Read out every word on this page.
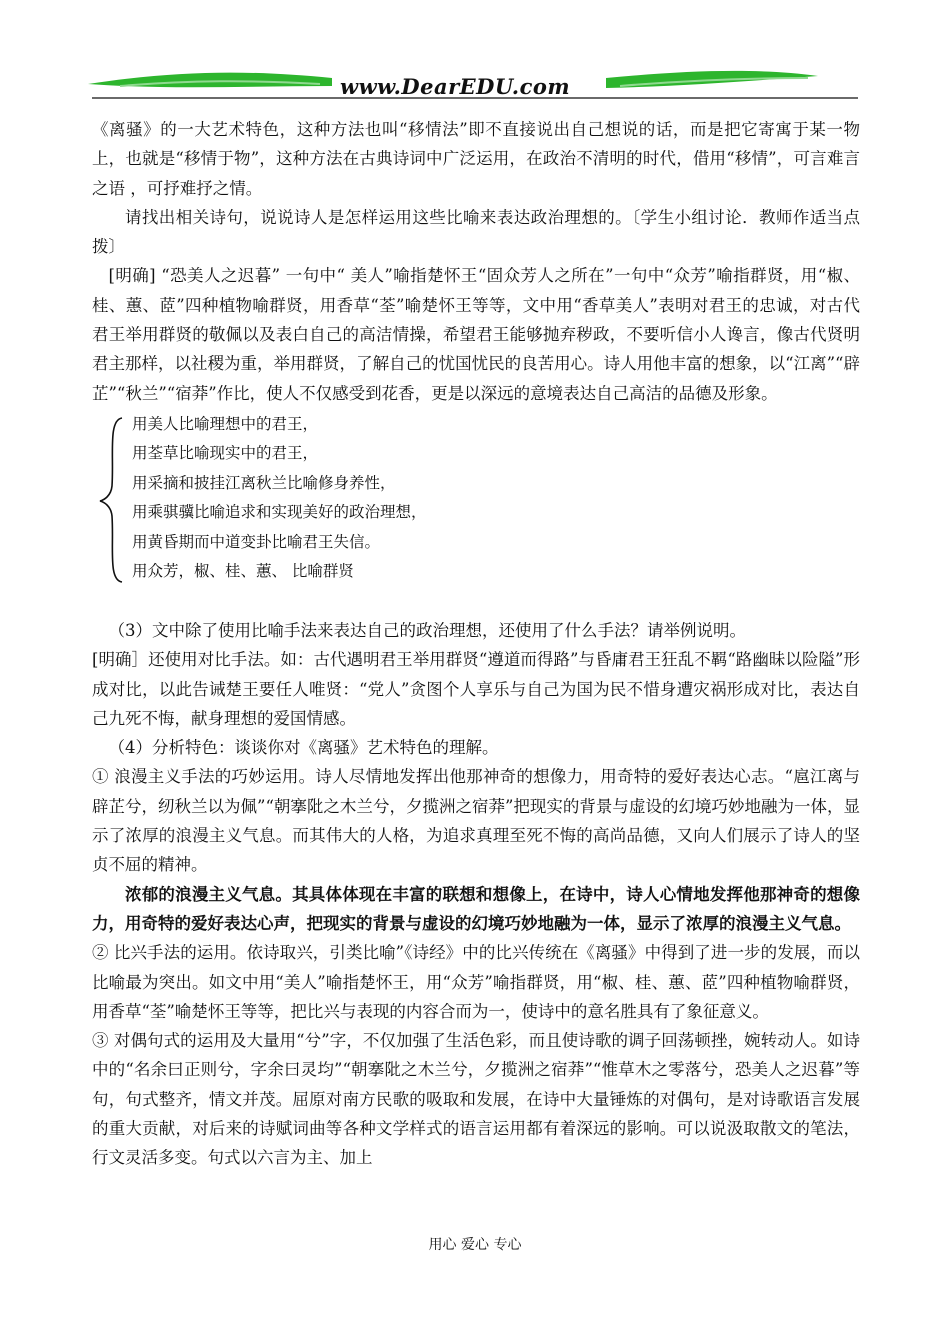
www.DearEDU.com

《离骚》的一大艺术特色，这种方法也叫“移情法”即不直接说出自己想说的话，而是把它寄寓于某一物上，也就是“移情于物”，这种方法在古典诗词中广泛运用，在政治不清明的时代，借用“移情”，可言难言之语 ，可抒难抒之情。

请找出相关诗句，说说诗人是怎样运用这些比喻来表达政治理想的。〔学生小组讨论．教师作适当点拨〕

[明确] “恐美人之迟暮” 一句中“ 美人”喻指楚怀王“固众芳人之所在”一句中“众芳”喻指群贤，用“椒、桂、蕙、茝”四种植物喻群贤，用香草“荃”喻楚怀王等等，文中用“香草美人”表明对君王的忠诚，对古代君王举用群贤的敬佩以及表白自己的高洁情操，希望君王能够抛弃秽政，不要听信小人谗言，像古代贤明君主那样，以社稷为重，举用群贤，了解自己的忧国忧民的良苦用心。诗人用他丰富的想象，以“江离”“辟芷”“秋兰”“宿莽”作比，使人不仅感受到花香，更是以深远的意境表达自己高洁的品德及形象。

用美人比喻理想中的君王，
用荃草比喻现实中的君王，
用采摘和披挂江离秋兰比喻修身养性，
用乘骐骥比喻追求和实现美好的政治理想，
用黄昏期而中道变卦比喻君王失信。
用众芳，椒、桂、蕙、 比喻群贤

（3）文中除了使用比喻手法来表达自己的政治理想，还使用了什么手法？请举例说明。

[明确］还使用对比手法。如：古代遇明君王举用群贤“遵道而得路”与昏庸君王狂乱不羁“路幽昧以险隘”形成对比，以此告诫楚王要任人唯贤：“党人”贪图个人享乐与自己为国为民不惜身遭灾祸形成对比，表达自己九死不悔，献身理想的爱国情感。

（4）分析特色：谈谈你对《离骚》艺术特色的理解。

① 浪漫主义手法的巧妙运用。诗人尽情地发挥出他那神奇的想像力，用奇特的爱好表达心志。“扈江离与辟芷兮，纫秋兰以为佩”“朝搴阰之木兰兮，夕揽洲之宿莽”把现实的背景与虚设的幻境巧妙地融为一体，显示了浓厚的浪漫主义气息。而其伟大的人格，为追求真理至死不悔的高尚品德，又向人们展示了诗人的坚贞不屈的精神。

浓郁的浪漫主义气息。其具体体现在丰富的联想和想像上，在诗中，诗人心情地发挥他那神奇的想像力，用奇特的爱好表达心声，把现实的背景与虚设的幻境巧妙地融为一体，显示了浓厚的浪漫主义气息。

② 比兴手法的运用。依诗取兴，引类比喻”《诗经》中的比兴传统在《离骚》中得到了进一步的发展，而以比喻最为突出。如文中用“美人”喻指楚怀王，用“众芳”喻指群贤，用“椒、桂、蕙、茝”四种植物喻群贤，用香草“荃”喻楚怀王等等，把比兴与表现的内容合而为一，使诗中的意名胜具有了象征意义。

③ 对偶句式的运用及大量用“兮”字，不仅加强了生活色彩，而且使诗歌的调子回荡顿挫，婉转动人。如诗中的“名余曰正则兮，字余曰灵均”“朝搴阰之木兰兮，夕揽洲之宿莽”“惟草木之零落兮，恐美人之迟暮”等句，句式整齐，情文并茂。屈原对南方民歌的吸取和发展，在诗中大量锤炼的对偶句，是对诗歌语言发展的重大贡献，对后来的诗赋词曲等各种文学样式的语言运用都有着深远的影响。可以说汲取散文的笔法，行文灵活多变。句式以六言为主、加上

用心 爱心 专心
